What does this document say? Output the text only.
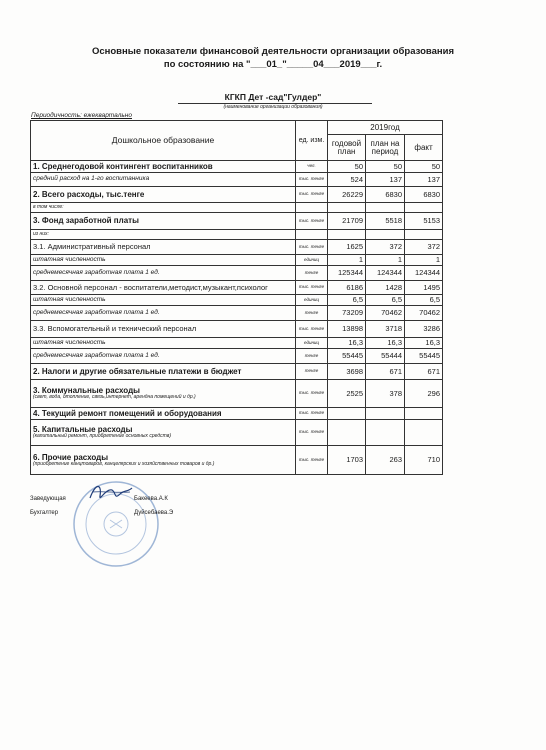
Основные показатели финансовой деятельности организации образования
по состоянию на "___01_"_____04___2019___г.
КГКП Дет -сад"Гулдер"
(наименование организации образования)
Периодичность: ежеквартально
Дошкольное образование	ед. изм.	2019год		
		годовой план	план на период	факт
1. Среднегодовой контингент воспитанников	чел.	50	50	50
средний расход на 1-го воспитанника	тыс. тенге	524	137	137
2. Всего расходы, тыс.тенге	тыс. тенге	26229	6830	6830
в том числе:				
3. Фонд заработной платы	тыс. тенге	21709	5518	5153
из них:				
3.1. Административный персонал	тыс. тенге	1625	372	372
штатная численность	единиц	1	1	1
среднемесячная заработная плата 1 ед.	тенге	125344	124344	124344
3.2. Основной персонал - воспитатели,методист,музыкант,психолог	тыс. тенге	6186	1428	1495
штатная численность	единиц	6,5	6,5	6,5
среднемесячная заработная плата 1 ед.	тенге	73209	70462	70462
3.3. Вспомогательный и технический персонал	тыс. тенге	13898	3718	3286
штатная численность	единиц	16,3	16,3	16,3
среднемесячная заработная плата 1 ед.	тенге	55445	55444	55445
2. Налоги и другие обязательные платежи в бюджет	тенге	3698	671	671
3. Коммунальные расходы
(свет, вода, отопление, связь,интернет, арендна помещений и др.)	тыс. тенге	2525	378	296
4. Текущий ремонт помещений и оборудования	тыс. тенге			
5. Капитальные расходы
(капитальный ремонт, приобретение основных средств)	тыс. тенге			
6. Прочие расходы
(приобретение канцтоваров, канцелярских и хозяйственных товаров и др.)	тыс. тенге	1703	263	710
Заведующая	Бакеева.А.К
Бухгалтер	Дуйсебаева.Э
